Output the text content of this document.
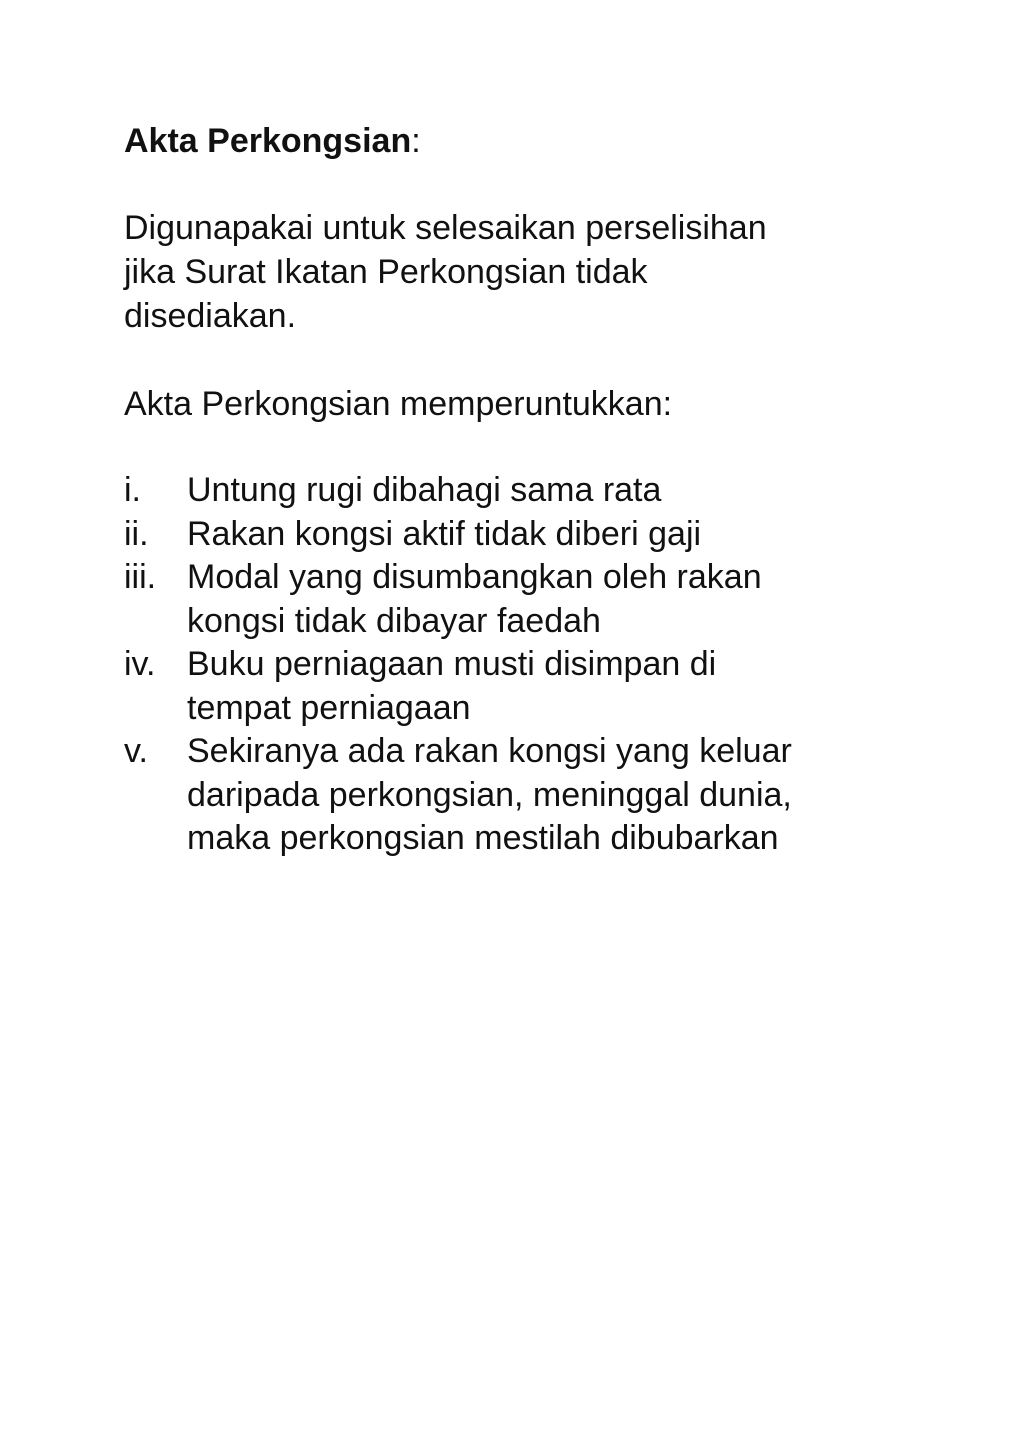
Akta Perkongsian:
Digunapakai untuk selesaikan perselisihan
jika Surat Ikatan Perkongsian tidak
disediakan.
Akta Perkongsian memperuntukkan:
i. Untung rugi dibahagi sama rata
ii. Rakan kongsi aktif tidak diberi gaji
iii. Modal yang disumbangkan oleh rakan
kongsi tidak dibayar faedah
iv. Buku perniagaan musti disimpan di
tempat perniagaan
v. Sekiranya ada rakan kongsi yang keluar
daripada perkongsian, meninggal dunia,
maka perkongsian mestilah dibubarkan
